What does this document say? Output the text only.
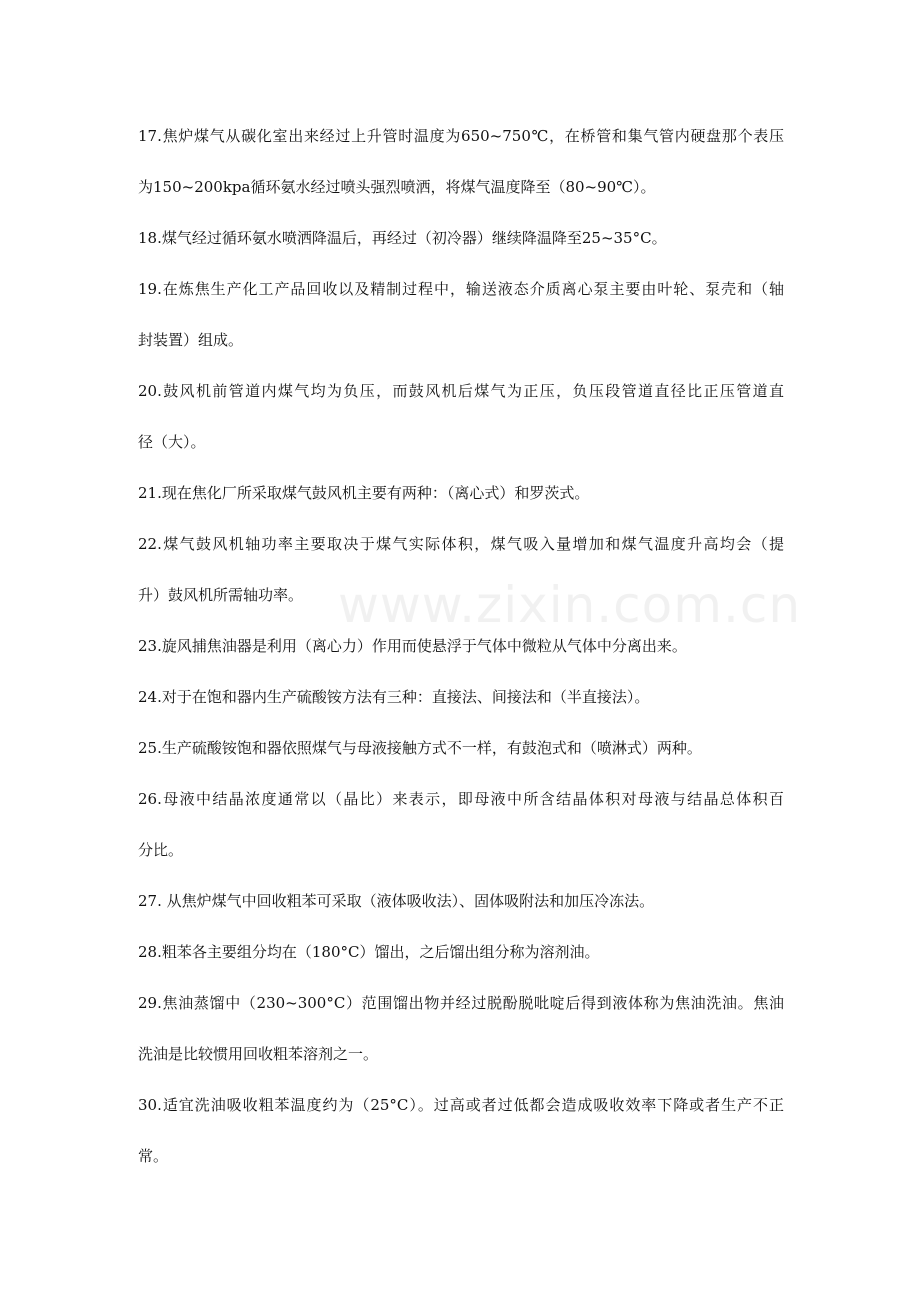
17.焦炉煤气从碳化室出来经过上升管时温度为650~750℃，在桥管和集气管内硬盘那个表压
为150~200kpa循环氨水经过喷头强烈喷洒，将煤气温度降至（80~90℃）。

18.煤气经过循环氨水喷洒降温后，再经过（初冷器）继续降温降至25~35°C。

19.在炼焦生产化工产品回收以及精制过程中，输送液态介质离心泵主要由叶轮、泵壳和（轴
封装置）组成。

20.鼓风机前管道内煤气均为负压，而鼓风机后煤气为正压，负压段管道直径比正压管道直
径（大）。

21.现在焦化厂所采取煤气鼓风机主要有两种：（离心式）和罗茨式。

22.煤气鼓风机轴功率主要取决于煤气实际体积，煤气吸入量增加和煤气温度升高均会（提
升）鼓风机所需轴功率。

23.旋风捕焦油器是利用（离心力）作用而使悬浮于气体中微粒从气体中分离出来。

24.对于在饱和器内生产硫酸铵方法有三种：直接法、间接法和（半直接法）。

25.生产硫酸铵饱和器依照煤气与母液接触方式不一样，有鼓泡式和（喷淋式）两种。

26.母液中结晶浓度通常以（晶比）来表示，即母液中所含结晶体积对母液与结晶总体积百
分比。

27. 从焦炉煤气中回收粗苯可采取（液体吸收法）、固体吸附法和加压冷冻法。

28.粗苯各主要组分均在（180°C）馏出，之后馏出组分称为溶剂油。

29.焦油蒸馏中（230~300°C）范围馏出物并经过脱酚脱吡啶后得到液体称为焦油洗油。焦油
洗油是比较惯用回收粗苯溶剂之一。

30.适宜洗油吸收粗苯温度约为（25°C）。过高或者过低都会造成吸收效率下降或者生产不正
常。

www.zixin.com.cn
